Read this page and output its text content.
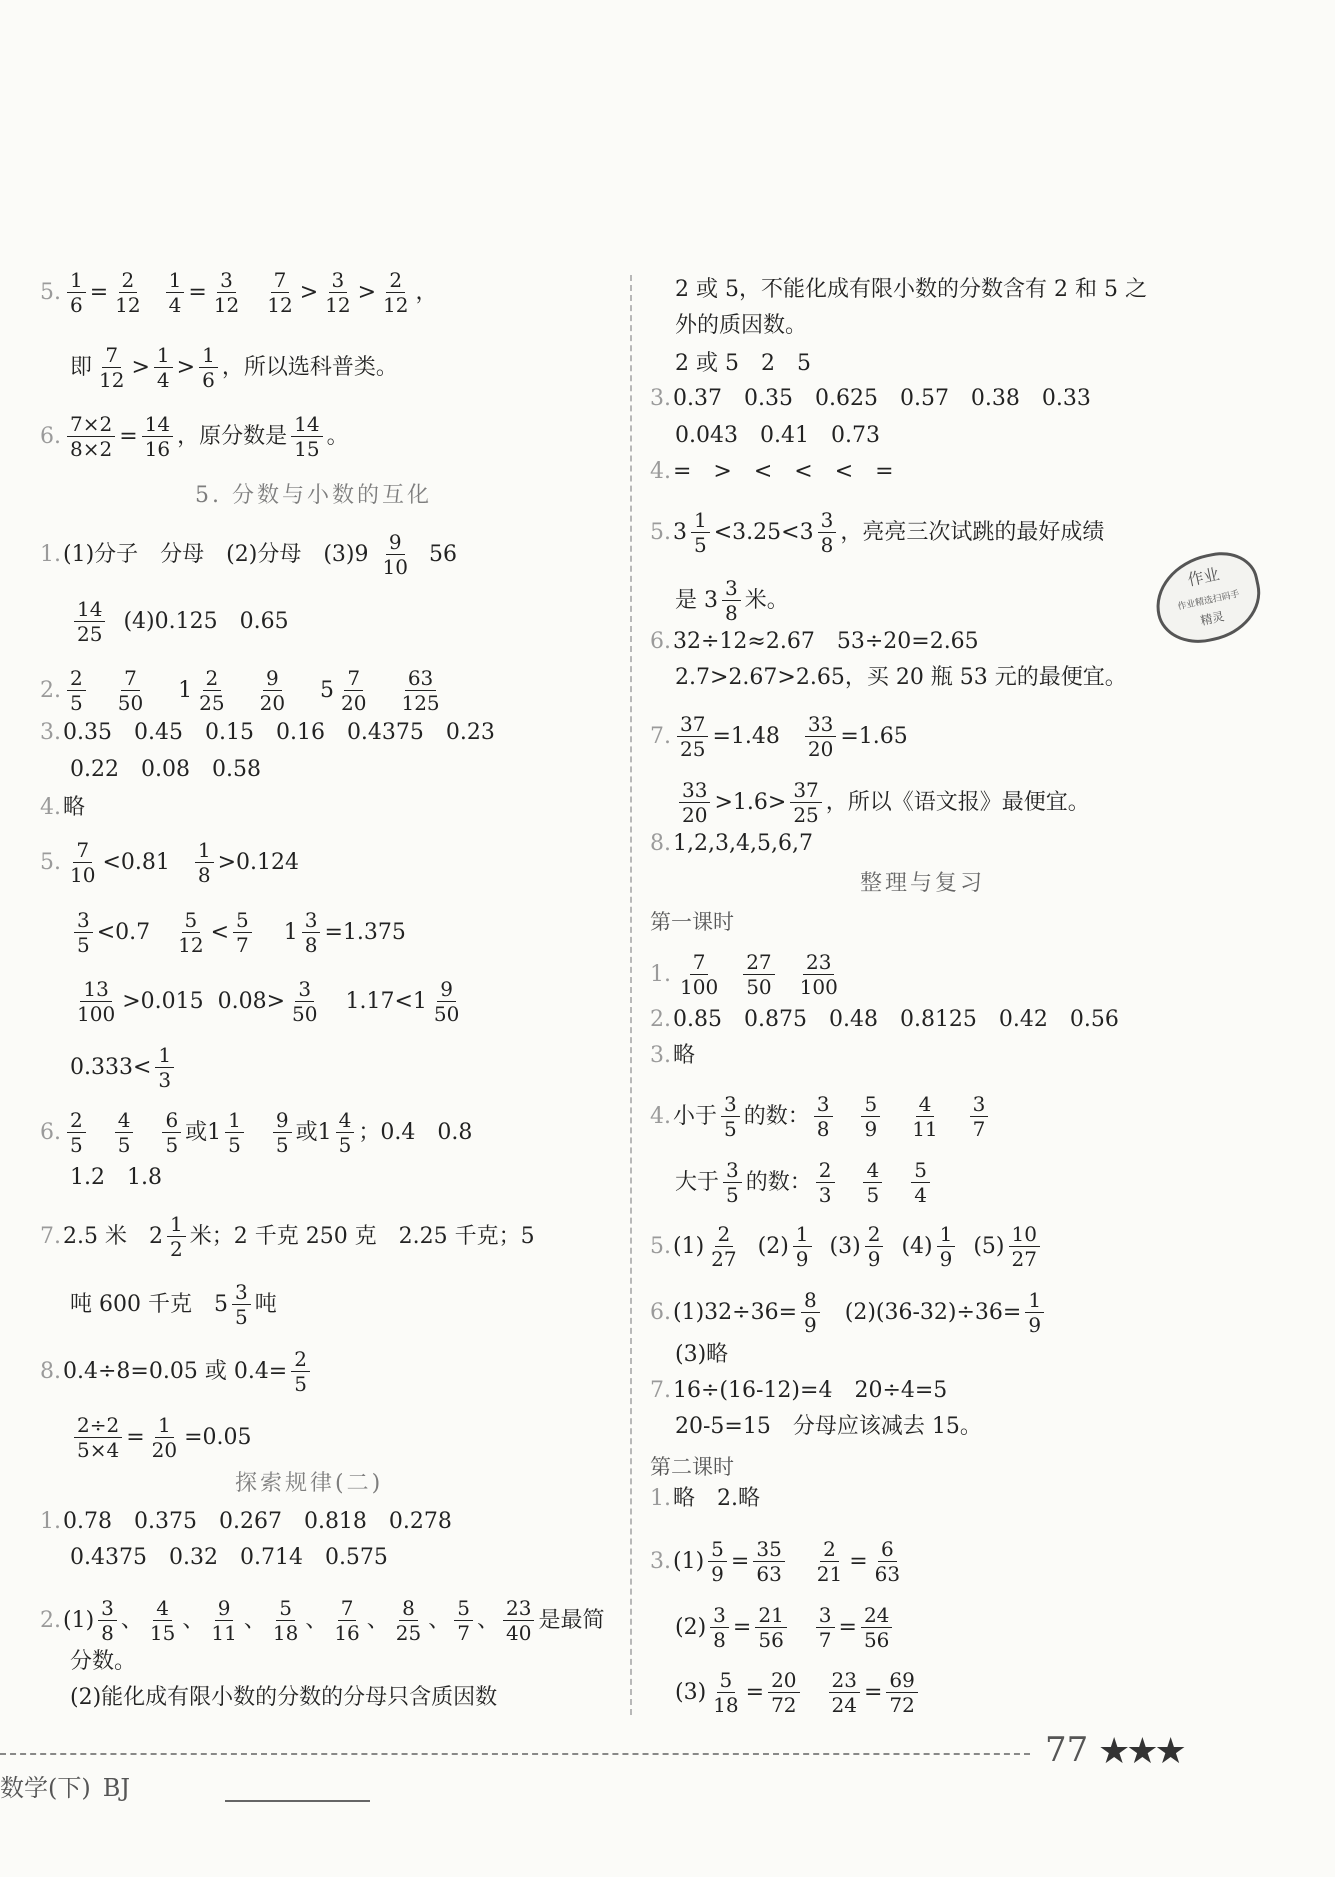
5. $\frac{1}{6} = \frac{2}{12}$
$\frac{1}{4} = \frac{3}{12}$
$\frac{7}{12} > \frac{3}{12} > \frac{2}{12}$ ，
即 $\frac{7}{12} > \frac{1}{4} > \frac{1}{6}$ ，所以选科普类。
6. $\frac{7\times 2}{8\times 2} = \frac{14}{16}$ ，原分数是 $\frac{14}{15}$ 。
5. 分数与小数的互化
1. (1)分子　分母　(2)分母　(3)9
$\frac{9}{10}$
56
$\frac{14}{25}$
(4)0.125　0.65
2. $\frac{2}{5}$
$\frac{7}{50} 1 \frac{2}{25}$
$\frac{9}{20} 5 \frac{7}{20}$
$\frac{63}{125}$
3. 0.35　0.45　0.15　0.16　0.4375　0.23
0.22　0.08　0.58
4. 略
5. $\frac{7}{10} <0.81$
$\frac{1}{8} >0.124$
$\frac{3}{5} <0.7$
$\frac{5}{12} < \frac{5}{7} 1 \frac{3}{8} =1.375$
$\frac{13}{100} >0.015$
$0.08> \frac{3}{50}$
$1.17<1 \frac{9}{50}$
$0.333< \frac{1}{3}$
6. $\frac{2}{5}$
$\frac{4}{5}$
$\frac{6}{5}$ 或$1 \frac{1}{5}$
$\frac{9}{5}$ 或$1 \frac{4}{5}$ ；0.4　0.8
1.2　1.8
7. 2.5 米　$2 \frac{1}{2}$ 米；2 千克 250 克　2.25 千克；5
吨 600 千克　$5 \frac{3}{5}$ 吨
8. 0.4÷8=0.05 或 $0.4= \frac{2}{5}$
$\frac{2\div 2}{5\times 4} = \frac{1}{20} =0.05$
探索规律(二)
1. 0.78　0.375　0.267　0.818　0.278
0.4375　0.32　0.714　0.575
2. $(1) \frac{3}{8}$ 、 $\frac{4}{15}$ 、 $\frac{9}{11}$ 、 $\frac{5}{18}$ 、 $\frac{7}{16}$ 、 $\frac{8}{25}$ 、 $\frac{5}{7}$ 、 $\frac{23}{40}$ 是最简
分数。
(2)能化成有限小数的分数的分母只含质因数
2 或 5，不能化成有限小数的分数含有 2 和 5 之
外的质因数。
2 或 5　2　5
3. 0.37　0.35　0.625　0.57　0.38　0.33
0.043　0.41　0.73
4. =　>　<　<　<　=
5. $3 \frac{1}{5} <3.25<3 \frac{3}{8}$ ，亮亮三次试跳的最好成绩
是 $3 \frac{3}{8}$ 米。
6. 32÷12≈2.67　53÷20=2.65
2.7>2.67>2.65，买 20 瓶 53 元的最便宜。
7. $\frac{37}{25} =1.48$
$\frac{33}{20} =1.65$
$\frac{33}{20} >1.6> \frac{37}{25}$ ，所以《语文报》最便宜。
8. 1,2,3,4,5,6,7
整理与复习
第一课时
1. $\frac{7}{100}$
$\frac{27}{50}$
$\frac{23}{100}$
2. 0.85　0.875　0.48　0.8125　0.42　0.56
3. 略
4. 小于 $\frac{3}{5}$ 的数： $\frac{3}{8}$
$\frac{5}{9}$
$\frac{4}{11}$
$\frac{3}{7}$
大于 $\frac{3}{5}$ 的数： $\frac{2}{3}$
$\frac{4}{5}$
$\frac{5}{4}$
5. $(1) \frac{2}{27}$
$(2) \frac{1}{9}$
$(3) \frac{2}{9}$
$(4) \frac{1}{9}$
$(5) \frac{10}{27}$
6. $(1)32\div 36= \frac{8}{9}$
$(2)(36-32)\div 36= \frac{1}{9}$
(3)略
7. 16÷(16-12)=4　20÷4=5
20-5=15　分母应该减去 15。
第二课时
1. 略　2.略
3. $(1) \frac{5}{9} = \frac{35}{63}$
$\frac{2}{21} = \frac{6}{63}$
$(2) \frac{3}{8} = \frac{21}{56}$
$\frac{3}{7} = \frac{24}{56}$
$(3) \frac{5}{18} = \frac{20}{72}$
$\frac{23}{24} = \frac{69}{72}$
作业
作业精选扫码手
精灵
数学(下) BJ
77 ★★★
